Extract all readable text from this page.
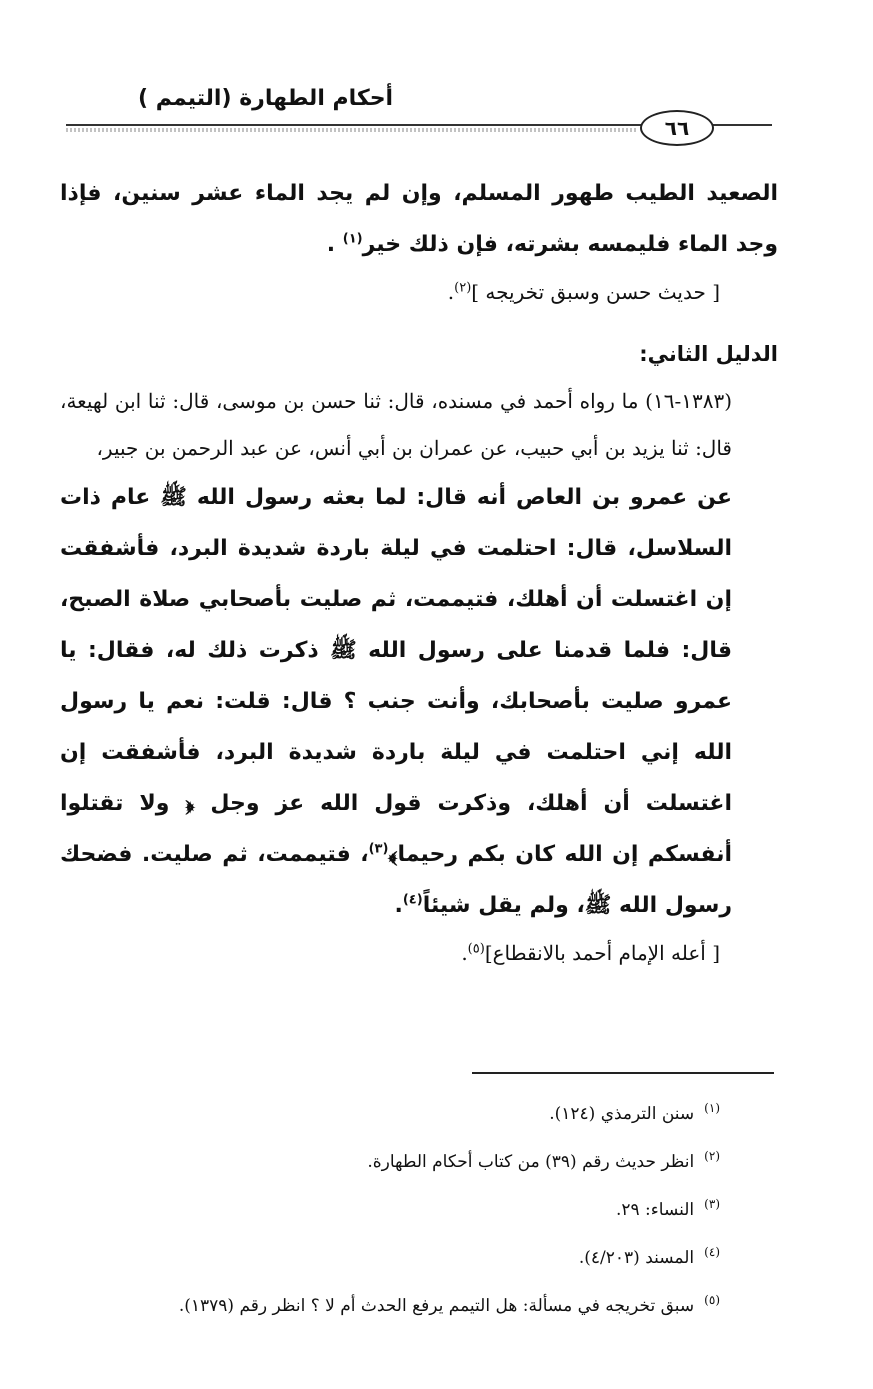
أحكام الطهارة (التيمم )
٦٦

الصعيد الطيب طهور المسلم، وإن لم يجد الماء عشر سنين، فإذا وجد الماء فليمسه بشرته، فإن ذلك خير$^{(١)}$ .

[ حديث حسن وسبق تخريجه ]$^{(٢)}$.

الدليل الثاني:

(١٣٨٣-١٦) ما رواه أحمد في مسنده، قال: ثنا حسن بن موسى، قال: ثنا ابن لهيعة، قال: ثنا يزيد بن أبي حبيب، عن عمران بن أبي أنس، عن عبد الرحمن بن جبير،

عن عمرو بن العاص أنه قال: لما بعثه رسول الله ﷺ عام ذات السلاسل، قال: احتلمت في ليلة باردة شديدة البرد، فأشفقت إن اغتسلت أن أهلك، فتيممت، ثم صليت بأصحابي صلاة الصبح، قال: فلما قدمنا على رسول الله ﷺ ذكرت ذلك له، فقال: يا عمرو صليت بأصحابك، وأنت جنب ؟ قال: قلت: نعم يا رسول الله إني احتلمت في ليلة باردة شديدة البرد، فأشفقت إن اغتسلت أن أهلك، وذكرت قول الله عز وجل ﴿ ولا تقتلوا أنفسكم إن الله كان بكم رحيما﴾$^{(٣)}$، فتيممت، ثم صليت. فضحك رسول الله ﷺ، ولم يقل شيئاً$^{(٤)}$.

[ أعله الإمام أحمد بالانقطاع]$^{(٥)}$.

$^{(١)}$سنن الترمذي (١٢٤).

$^{(٢)}$انظر حديث رقم (٣٩) من كتاب أحكام الطهارة.

$^{(٣)}$النساء: ٢٩.

$^{(٤)}$المسند (٤/٢٠٣).

$^{(٥)}$سبق تخريجه في مسألة: هل التيمم يرفع الحدث أم لا ؟ انظر رقم (١٣٧٩).
